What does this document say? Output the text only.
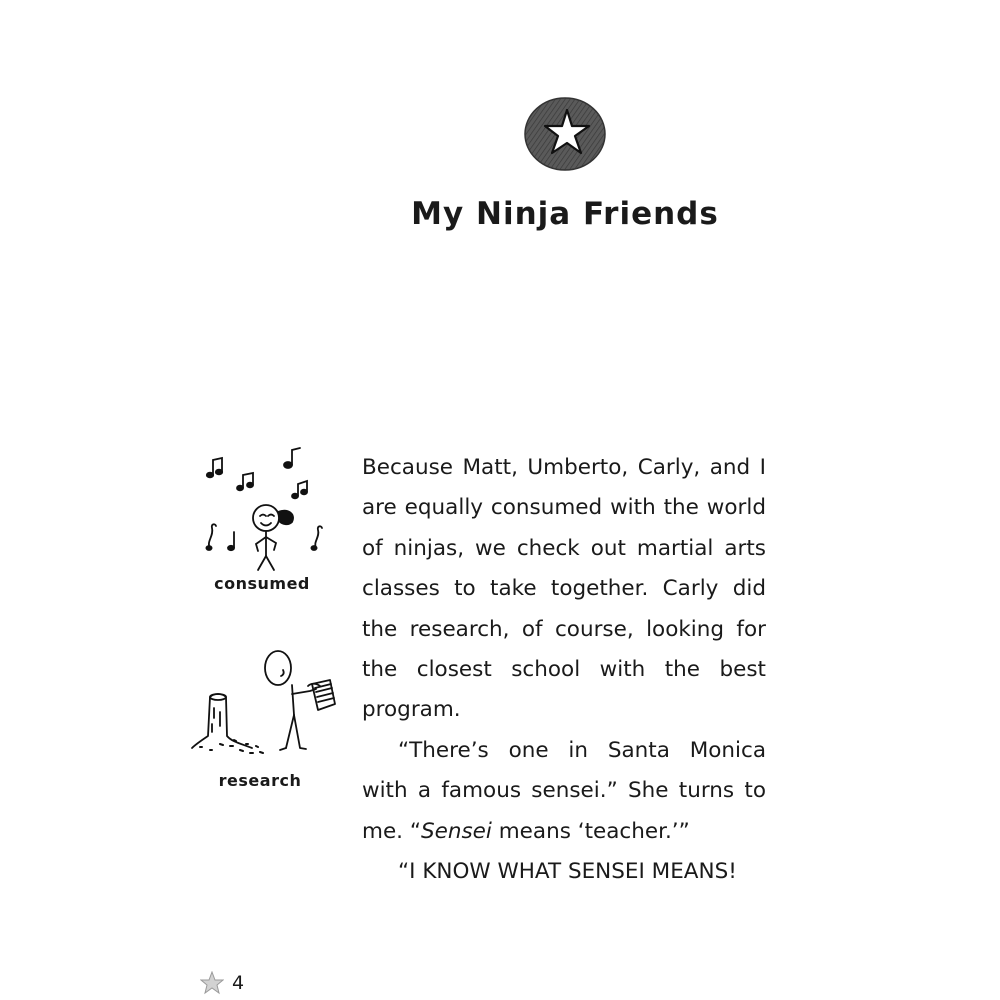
My Ninja Friends
consumed
research
Because Matt, Umberto, Carly, and I
are equally consumed with the world
of ninjas, we check out martial arts
classes to take together. Carly did
the research, of course, looking for
the closest school with the best
program.
“There’s one in Santa Monica
with a famous sensei.” She turns to
me. “Sensei means ‘teacher.’”
“I KNOW WHAT SENSEI MEANS!
4
